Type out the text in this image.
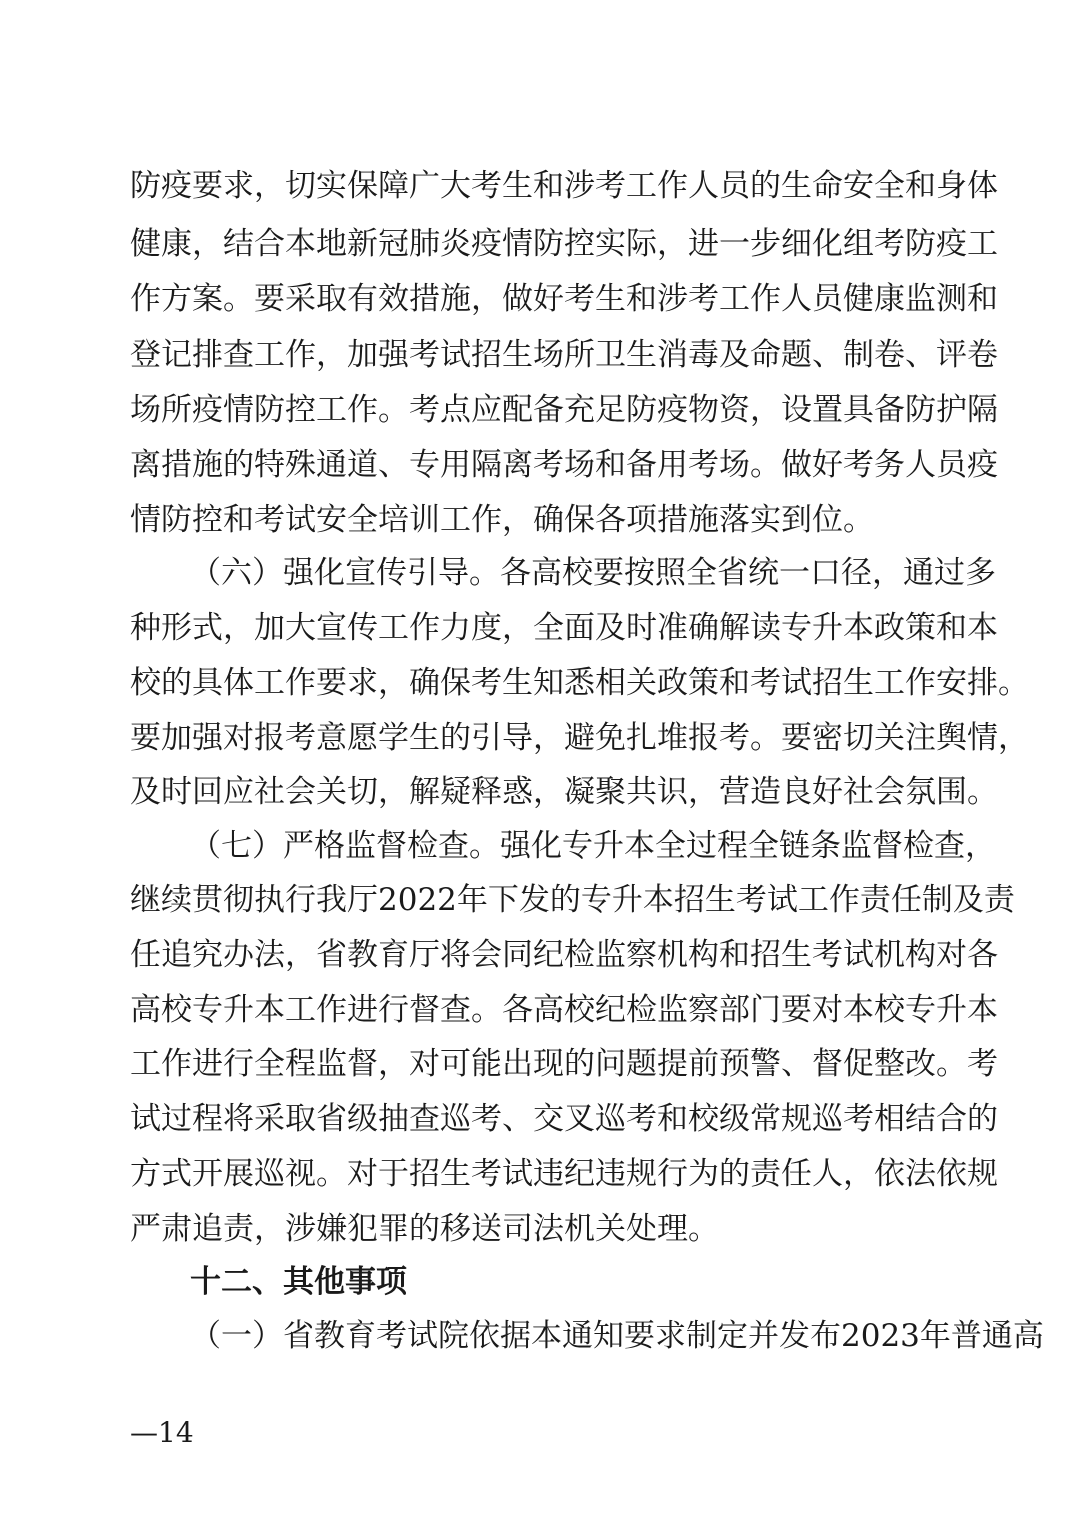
防疫要求，切实保障广大考生和涉考工作人员的生命安全和身体
健康，结合本地新冠肺炎疫情防控实际，进一步细化组考防疫工
作方案。要采取有效措施，做好考生和涉考工作人员健康监测和
登记排查工作，加强考试招生场所卫生消毒及命题、制卷、评卷
场所疫情防控工作。考点应配备充足防疫物资，设置具备防护隔
离措施的特殊通道、专用隔离考场和备用考场。做好考务人员疫
情防控和考试安全培训工作，确保各项措施落实到位。
（六）强化宣传引导。各高校要按照全省统一口径，通过多
种形式，加大宣传工作力度，全面及时准确解读专升本政策和本
校的具体工作要求，确保考生知悉相关政策和考试招生工作安排。
要加强对报考意愿学生的引导，避免扎堆报考。要密切关注舆情，
及时回应社会关切，解疑释惑，凝聚共识，营造良好社会氛围。
（七）严格监督检查。强化专升本全过程全链条监督检查，
继续贯彻执行我厅2022年下发的专升本招生考试工作责任制及责
任追究办法，省教育厅将会同纪检监察机构和招生考试机构对各
高校专升本工作进行督查。各高校纪检监察部门要对本校专升本
工作进行全程监督，对可能出现的问题提前预警、督促整改。考
试过程将采取省级抽查巡考、交叉巡考和校级常规巡考相结合的
方式开展巡视。对于招生考试违纪违规行为的责任人，依法依规
严肃追责，涉嫌犯罪的移送司法机关处理。
十二、其他事项
（一）省教育考试院依据本通知要求制定并发布2023年普通高
—14
